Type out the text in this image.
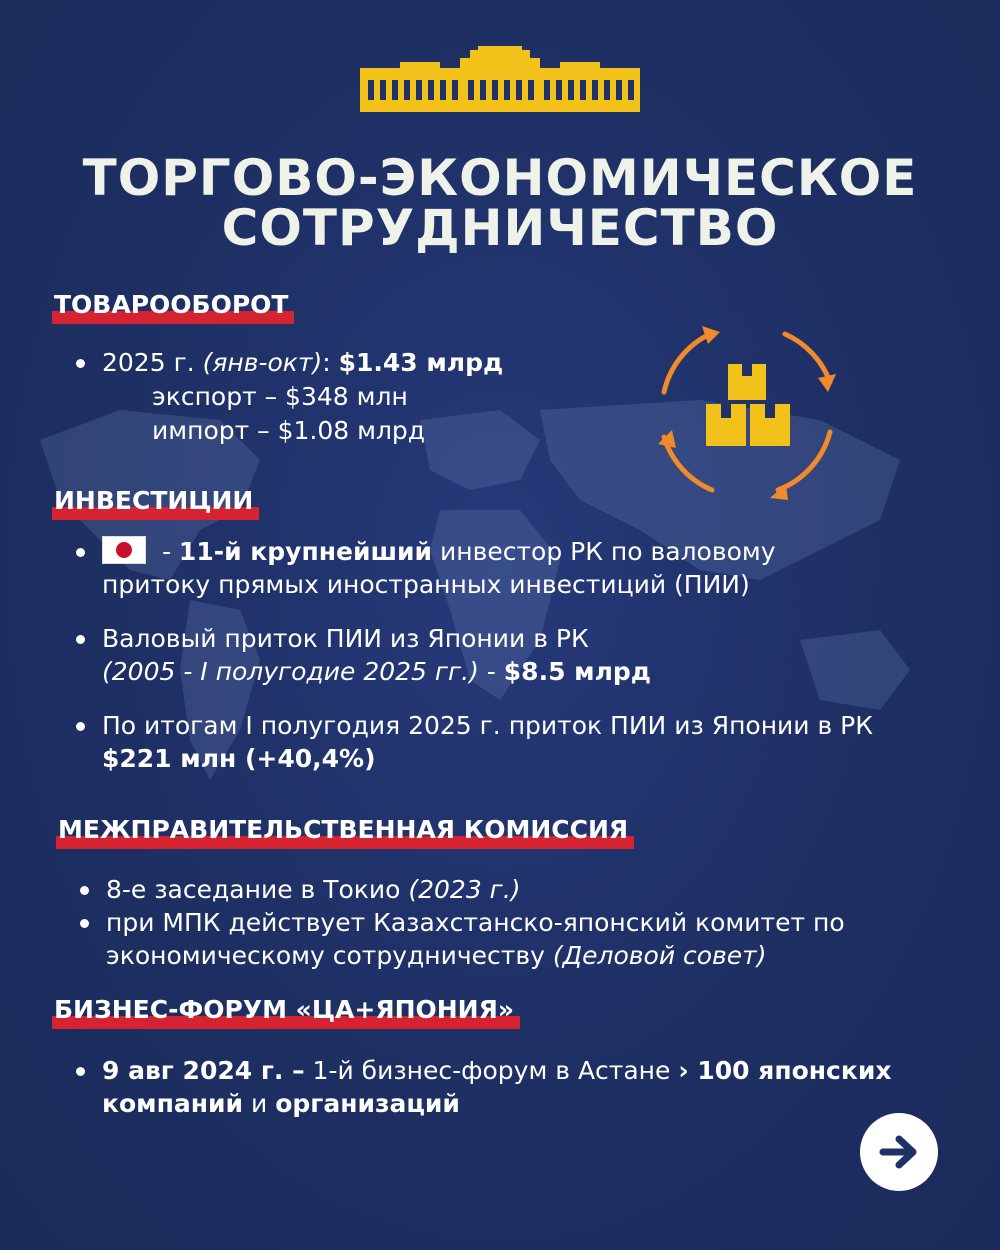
ТОРГОВО-ЭКОНОМИЧЕСКОЕ
СОТРУДНИЧЕСТВО
ТОВАРООБОРОТ
2025 г. (янв-окт): $1.43 млрд
экспорт – $348 млн
импорт – $1.08 млрд
ИНВЕСТИЦИИ
- 11-й крупнейший инвестор РК по валовому
притоку прямых иностранных инвестиций (ПИИ)
Валовый приток ПИИ из Японии в РК
(2005 - I полугодие 2025 гг.) - $8.5 млрд
По итогам I полугодия 2025 г. приток ПИИ из Японии в РК
$221 млн (+40,4%)
МЕЖПРАВИТЕЛЬСТВЕННАЯ КОМИССИЯ
8-е заседание в Токио (2023 г.)
при МПК действует Казахстанско-японский комитет по
экономическому сотрудничеству (Деловой совет)
БИЗНЕС-ФОРУМ «ЦА+ЯПОНИЯ»
9 авг 2024 г. – 1-й бизнес-форум в Астане › 100 японских
компаний и организаций
